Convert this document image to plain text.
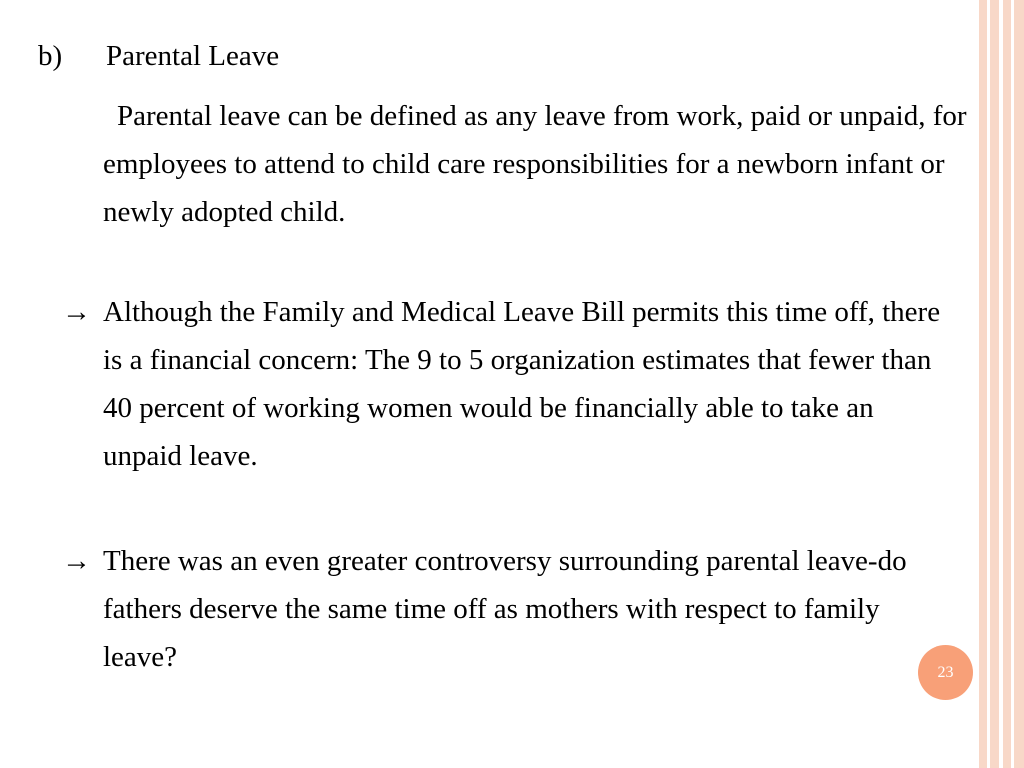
b) Parental Leave
Parental leave can be defined as any leave from work, paid or unpaid, for employees to attend to child care responsibilities for a newborn infant or newly adopted child.
→ Although the Family and Medical Leave Bill permits this time off, there is a financial concern: The 9 to 5 organization estimates that fewer than 40 percent of working women would be financially able to take an unpaid leave.
→ There was an even greater controversy surrounding parental leave-do fathers deserve the same time off as mothers with respect to family leave?	23
